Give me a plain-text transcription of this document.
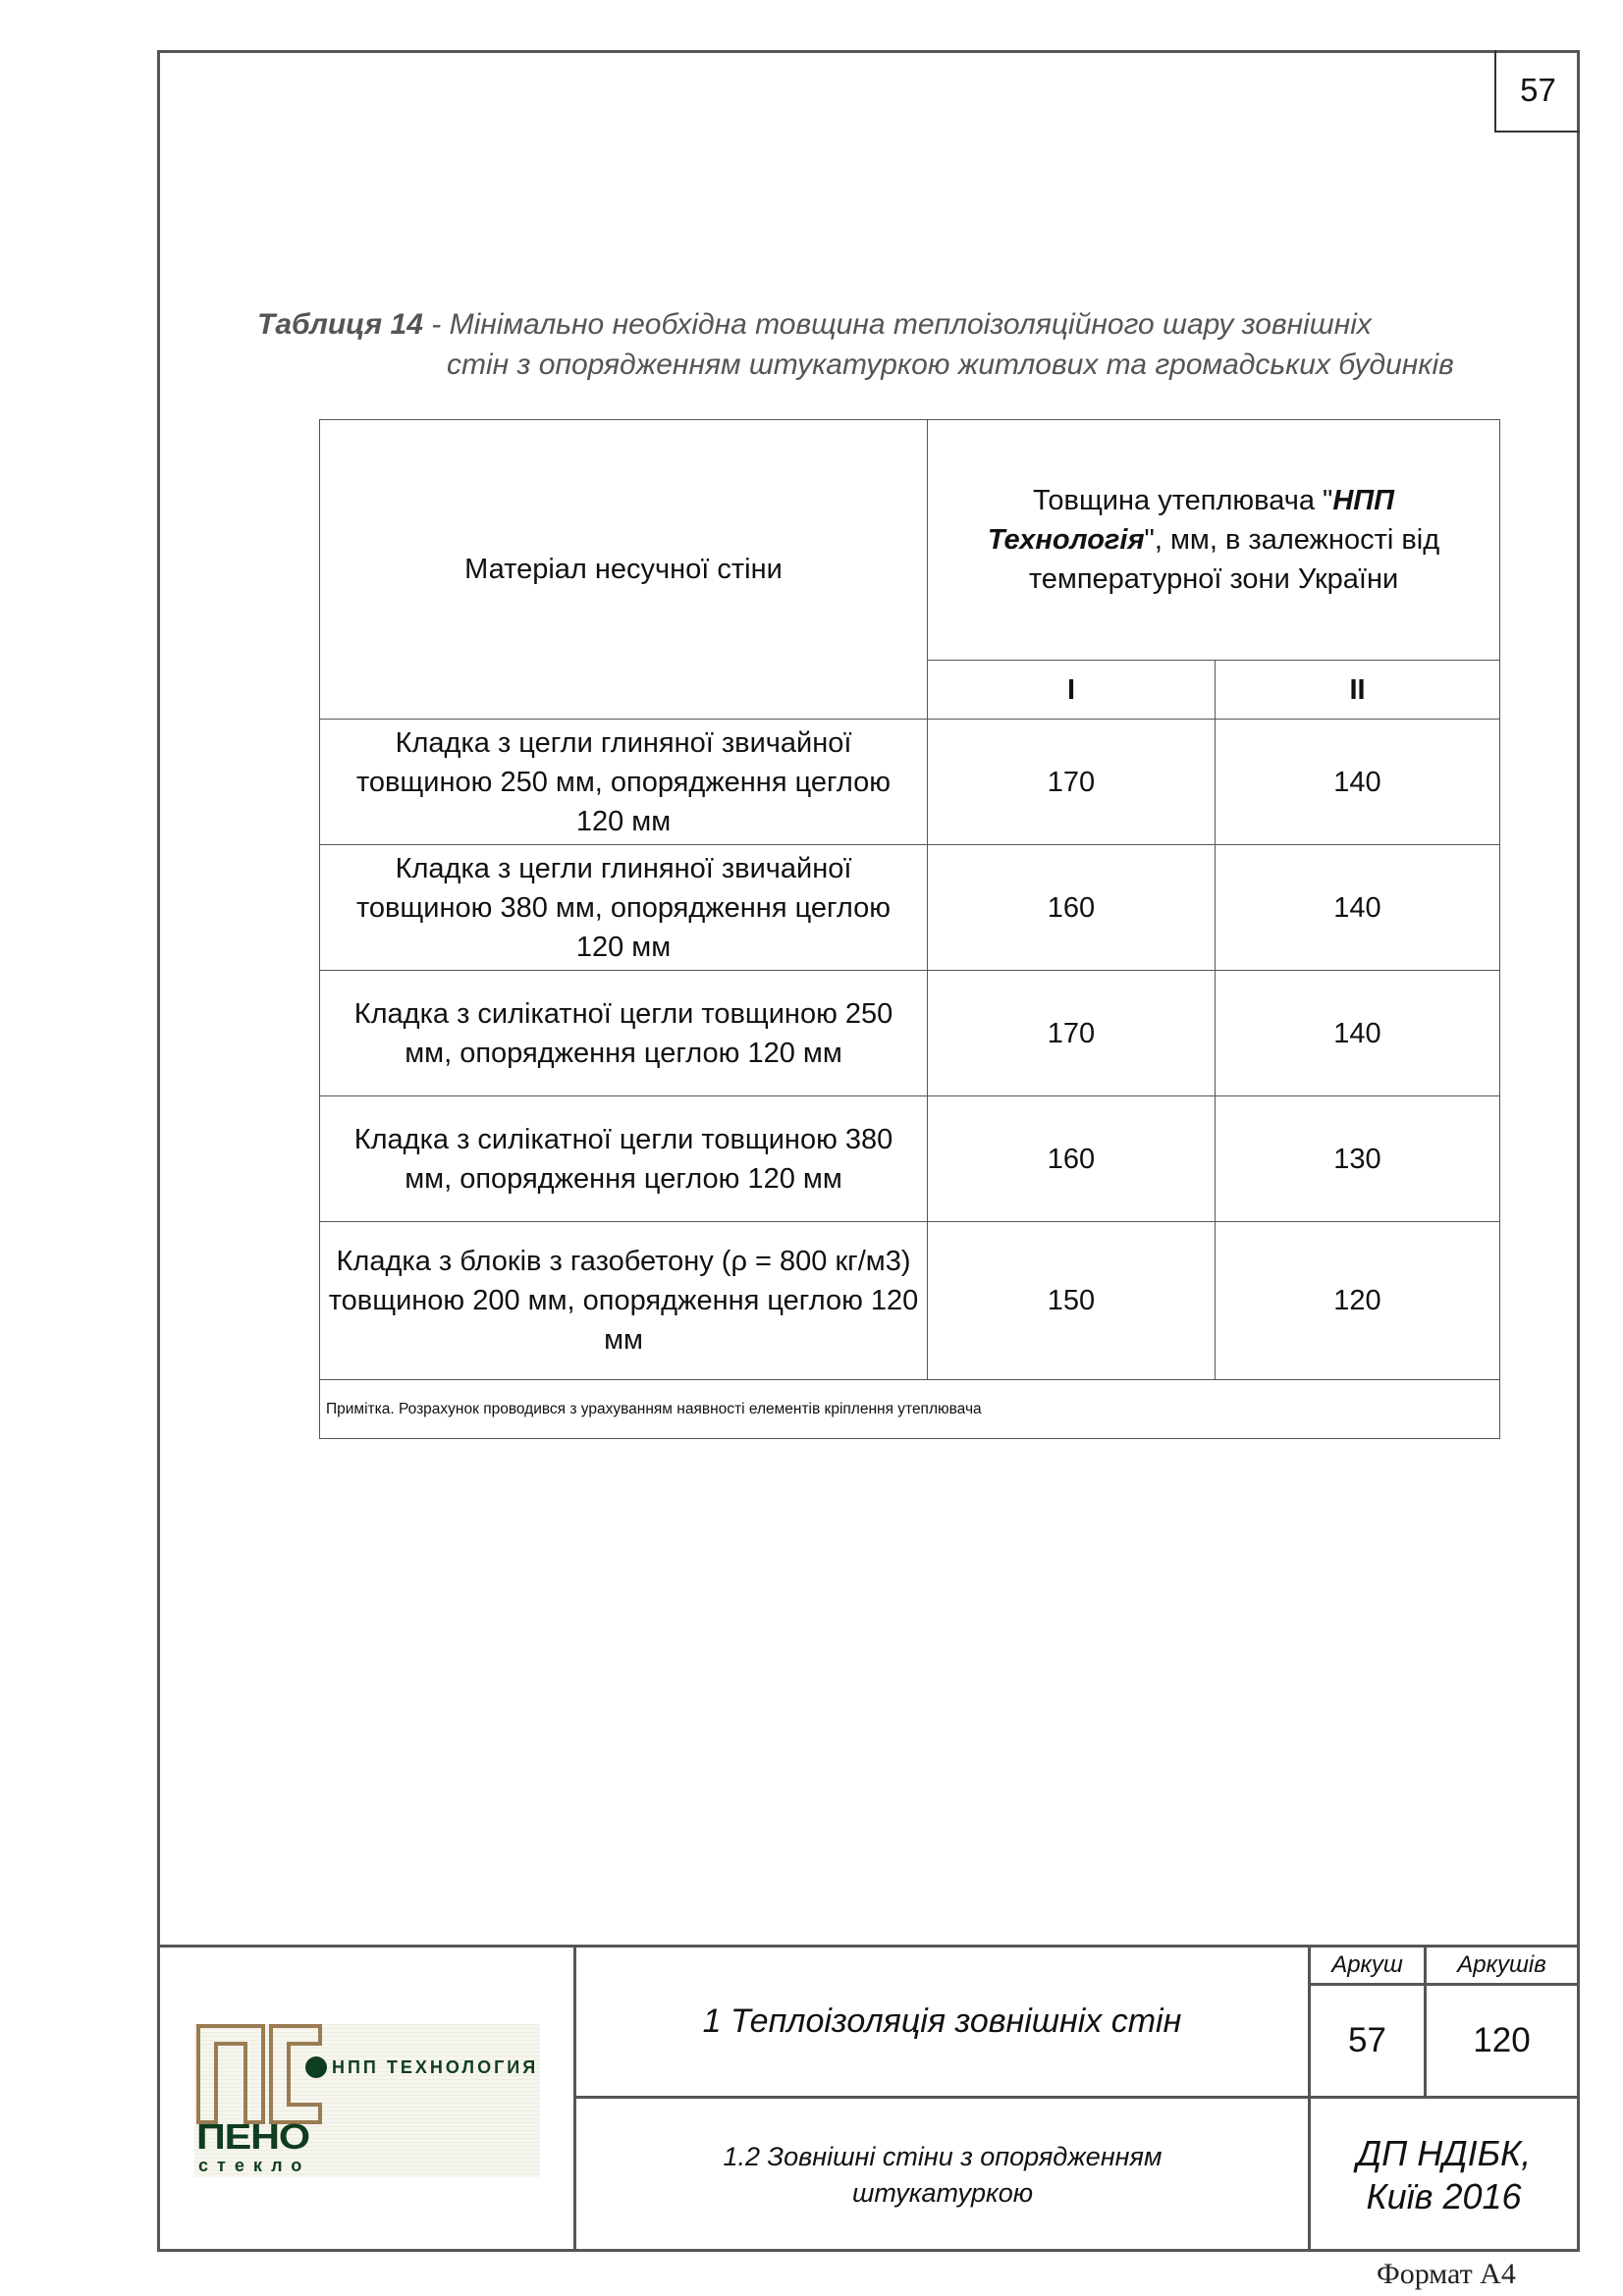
57
Таблиця 14 - Мінімально необхідна товщина теплоізоляційного шару зовнішніх
стін з опорядженням штукатуркою житлових та громадських будинків
Матеріал несучної стіни	Товщина утеплювача "НПП
Технологія", мм, в залежності від температурної зони України	
	I	II
Кладка з цегли глиняної звичайної товщиною 250 мм, опорядження цеглою 120 мм	170	140
Кладка з цегли глиняної звичайної товщиною 380 мм, опорядження цеглою 120 мм	160	140
Кладка з силікатної цегли товщиною 250 мм, опорядження цеглою 120 мм	170	140
Кладка з силікатної цегли товщиною 380 мм, опорядження цеглою 120 мм	160	130
Кладка з блоків з газобетону (ρ = 800 кг/м3) товщиною 200 мм, опорядження цеглою 120 мм	150	120
Примітка. Розрахунок проводився з урахуванням наявності елементів кріплення утеплювача		
НПП ТЕХНОЛОГИЯ
ПЕНО
стекло
1 Теплоізоляція зовнішніх стін
1.2 Зовнішні стіни з опорядженням штукатуркою
Аркуш	Аркушів
57	120
ДП НДІБК,
Київ 2016
Формат А4
